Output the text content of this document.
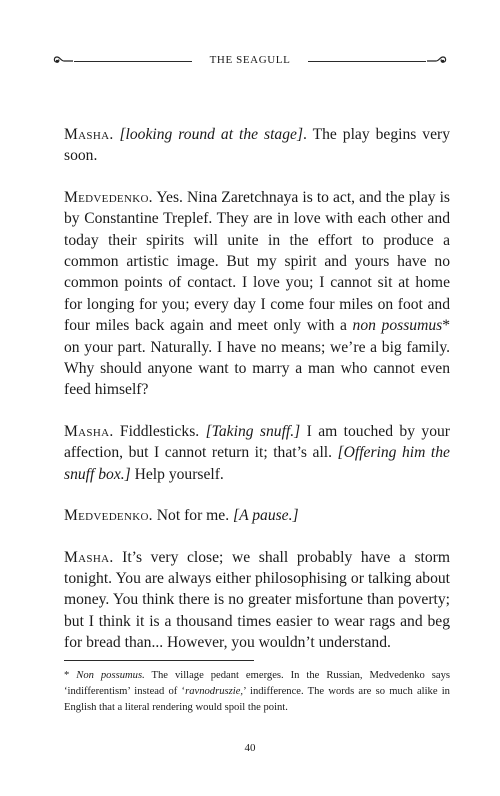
THE SEAGULL

Masha. [looking round at the stage]. The play begins very soon.

Medvedenko. Yes. Nina Zaretchnaya is to act, and the play is by Constantine Treplef. They are in love with each other and today their spirits will unite in the effort to produce a common artistic image. But my spirit and yours have no common points of contact. I love you; I cannot sit at home for longing for you; every day I come four miles on foot and four miles back again and meet only with a non possumus* on your part. Naturally. I have no means; we’re a big family. Why should anyone want to marry a man who cannot even feed himself?

Masha. Fiddlesticks. [Taking snuff.] I am touched by your affection, but I cannot return it; that’s all. [Offering him the snuff box.] Help yourself.

Medvedenko. Not for me. [A pause.]

Masha. It’s very close; we shall probably have a storm tonight. You are always either philosophising or talking about money. You think there is no greater misfortune than poverty; but I think it is a thousand times easier to wear rags and beg for bread than... However, you wouldn’t understand.

* Non possumus. The village pedant emerges. In the Russian, Medvedenko says ‘indifferentism’ instead of ‘ravnodruszie,’ indifference. The words are so much alike in English that a literal rendering would spoil the point.
40
